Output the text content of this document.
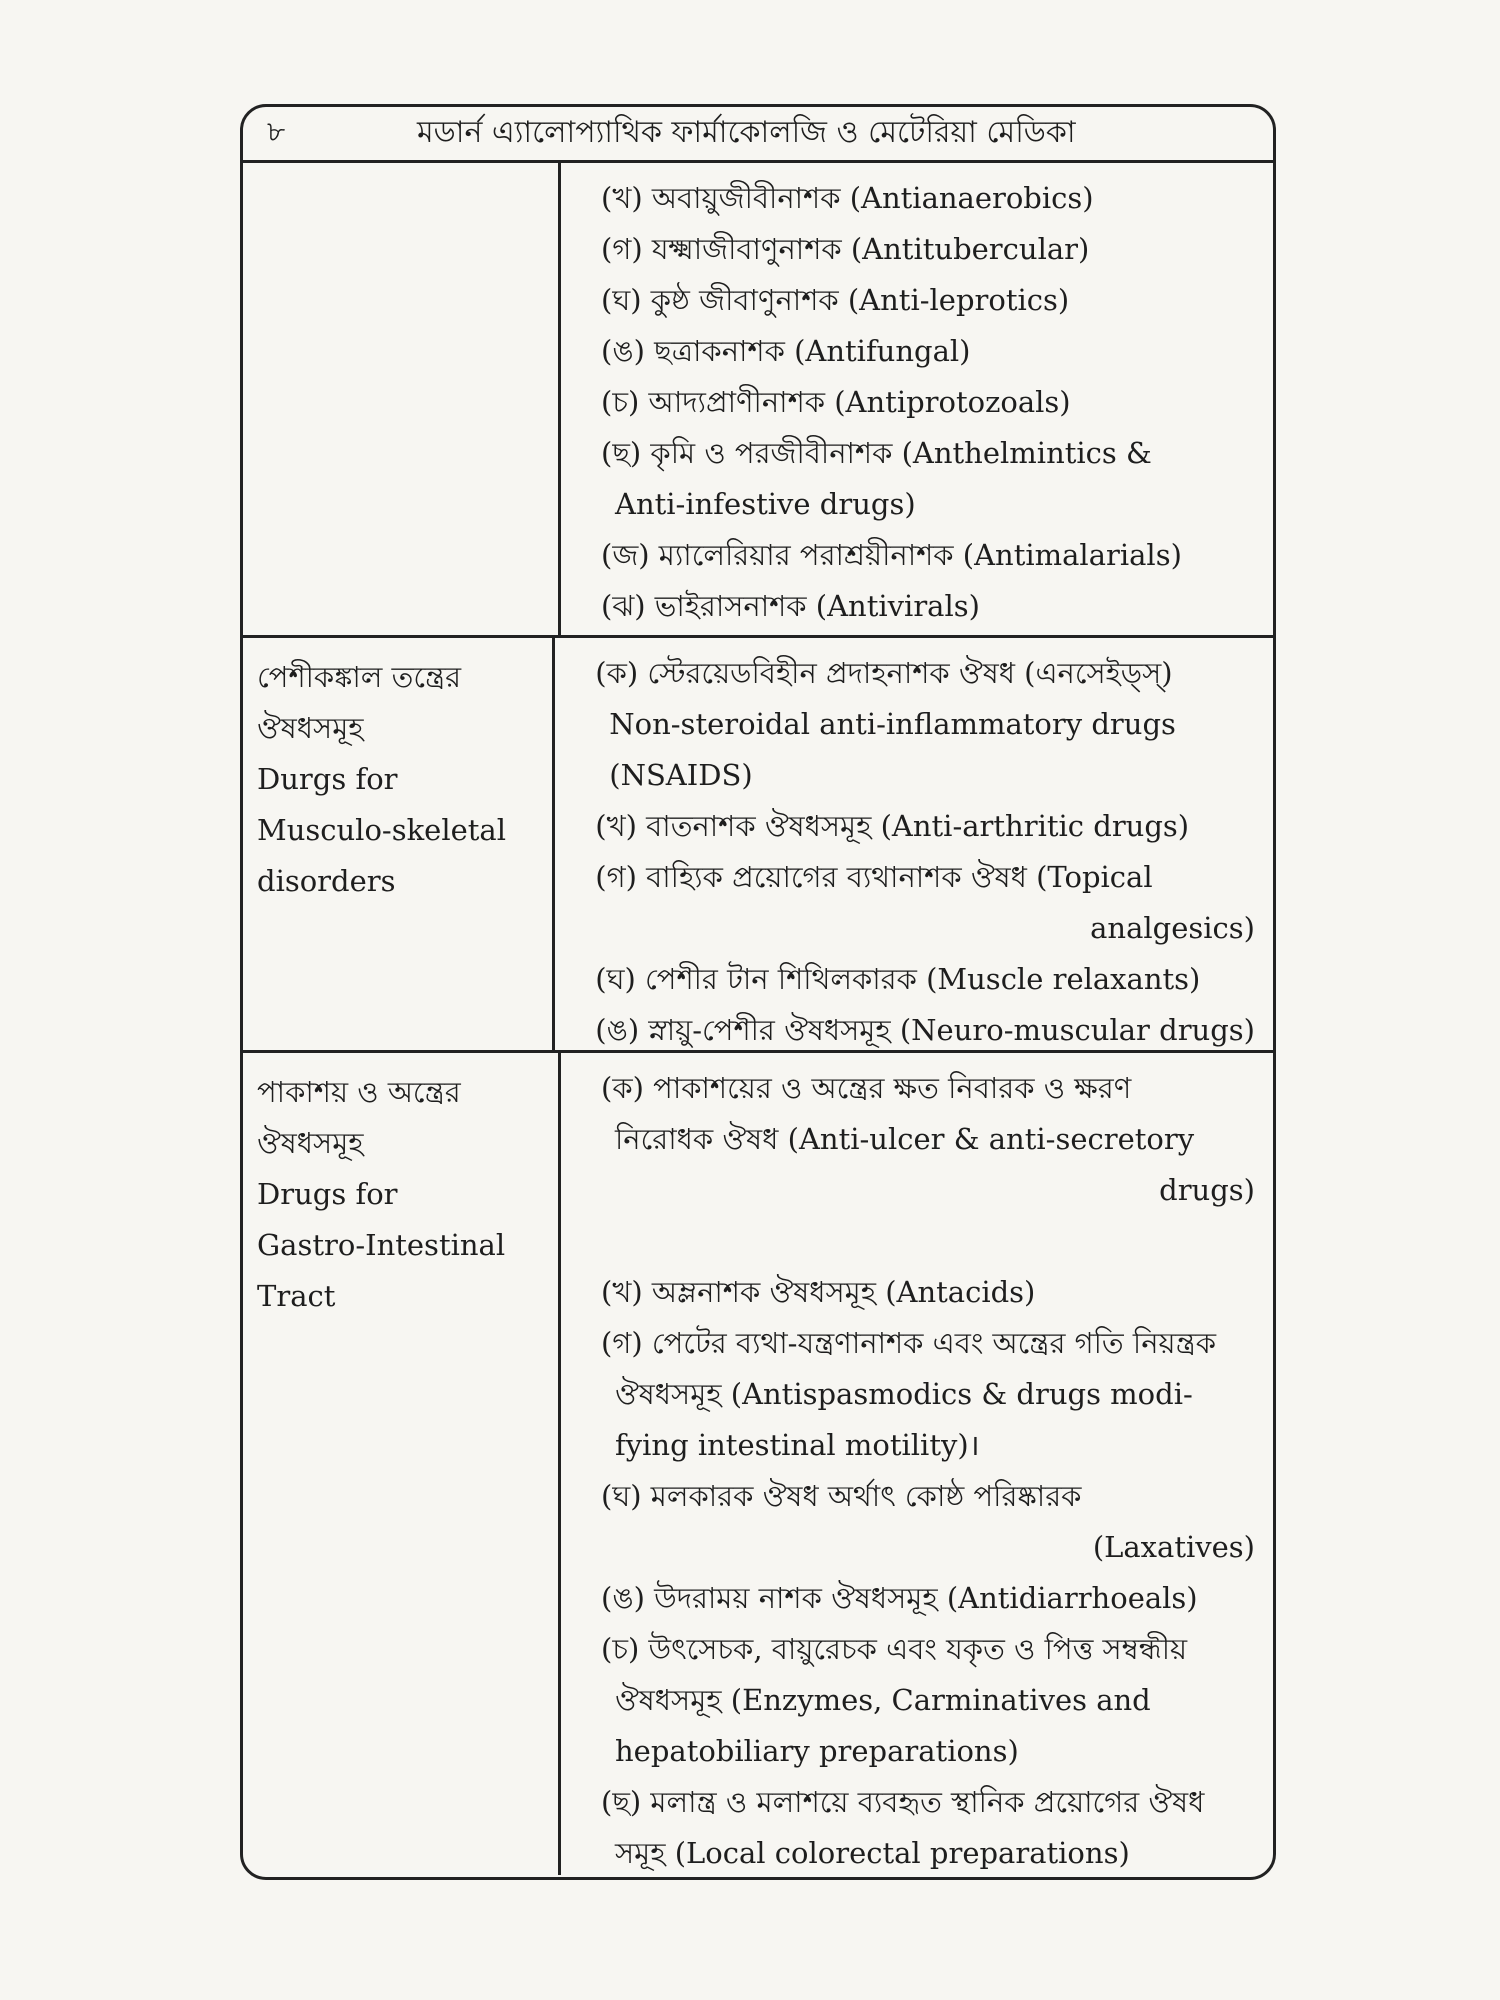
৮	মডার্ন এ্যালোপ্যাথিক ফার্মাকোলজি ও মেটেরিয়া মেডিকা
(খ) অবায়ুজীবীনাশক (Antianaerobics)
(গ) যক্ষ্মাজীবাণুনাশক (Antitubercular)
(ঘ) কুষ্ঠ জীবাণুনাশক (Anti-leprotics)
(ঙ) ছত্রাকনাশক (Antifungal)
(চ) আদ্যপ্রাণীনাশক (Antiprotozoals)
(ছ) কৃমি ও পরজীবীনাশক (Anthelmintics &
Anti-infestive drugs)
(জ) ম্যালেরিয়ার পরাশ্রয়ীনাশক (Antimalarials)
(ঝ) ভাইরাসনাশক (Antivirals)
পেশীকঙ্কাল তন্ত্রের
ঔষধসমূহ
Durgs for
Musculo-skeletal
disorders
(ক) স্টেরয়েডবিহীন প্রদাহনাশক ঔষধ (এনসেইড্স্)
Non-steroidal anti-inflammatory drugs
(NSAIDS)
(খ) বাতনাশক ঔষধসমূহ (Anti-arthritic drugs)
(গ) বাহ্যিক প্রয়োগের ব্যথানাশক ঔষধ (Topical
analgesics)
(ঘ) পেশীর টান শিথিলকারক (Muscle relaxants)
(ঙ) স্নায়ু-পেশীর ঔষধসমূহ (Neuro-muscular drugs)
পাকাশয় ও অন্ত্রের
ঔষধসমূহ
Drugs for
Gastro-Intestinal
Tract
(ক) পাকাশয়ের ও অন্ত্রের ক্ষত নিবারক ও ক্ষরণ
নিরোধক ঔষধ (Anti-ulcer & anti-secretory
drugs)
(খ) অম্লনাশক ঔষধসমূহ (Antacids)
(গ) পেটের ব্যথা-যন্ত্রণানাশক এবং অন্ত্রের গতি নিয়ন্ত্রক
ঔষধসমূহ (Antispasmodics & drugs modi-
fying intestinal motility)।
(ঘ) মলকারক ঔষধ অর্থাৎ কোষ্ঠ পরিষ্কারক
(Laxatives)
(ঙ) উদরাময় নাশক ঔষধসমূহ (Antidiarrhoeals)
(চ) উৎসেচক, বায়ুরেচক এবং যকৃত ও পিত্ত সম্বন্ধীয়
ঔষধসমূহ (Enzymes, Carminatives and
hepatobiliary preparations)
(ছ) মলান্ত্র ও মলাশয়ে ব্যবহৃত স্থানিক প্রয়োগের ঔষধ
সমূহ (Local colorectal preparations)
